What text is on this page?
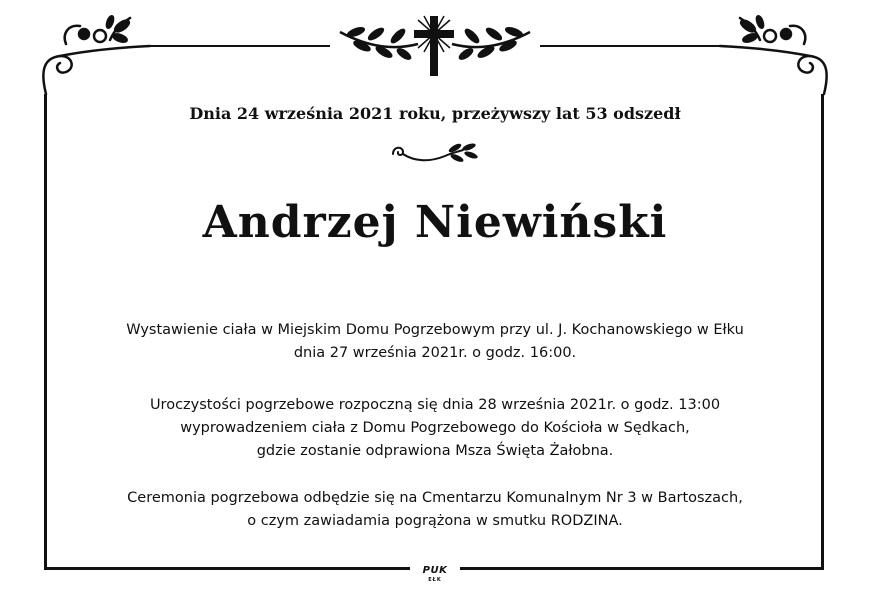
Dnia 24 września 2021 roku, przeżywszy lat 53 odszedł
Andrzej Niewiński
Wystawienie ciała w Miejskim Domu Pogrzebowym przy ul. J. Kochanowskiego w Ełku
dnia 27 września 2021r. o godz. 16:00.
Uroczystości pogrzebowe rozpoczną się dnia 28 września 2021r. o godz. 13:00
wyprowadzeniem ciała z Domu Pogrzebowego do Kościoła w Sędkach,
gdzie zostanie odprawiona Msza Święta Żałobna.
Ceremonia pogrzebowa odbędzie się na Cmentarzu Komunalnym Nr 3 w Bartoszach,
o czym zawiadamia pogrążona w smutku RODZINA.
PUK
EŁK
